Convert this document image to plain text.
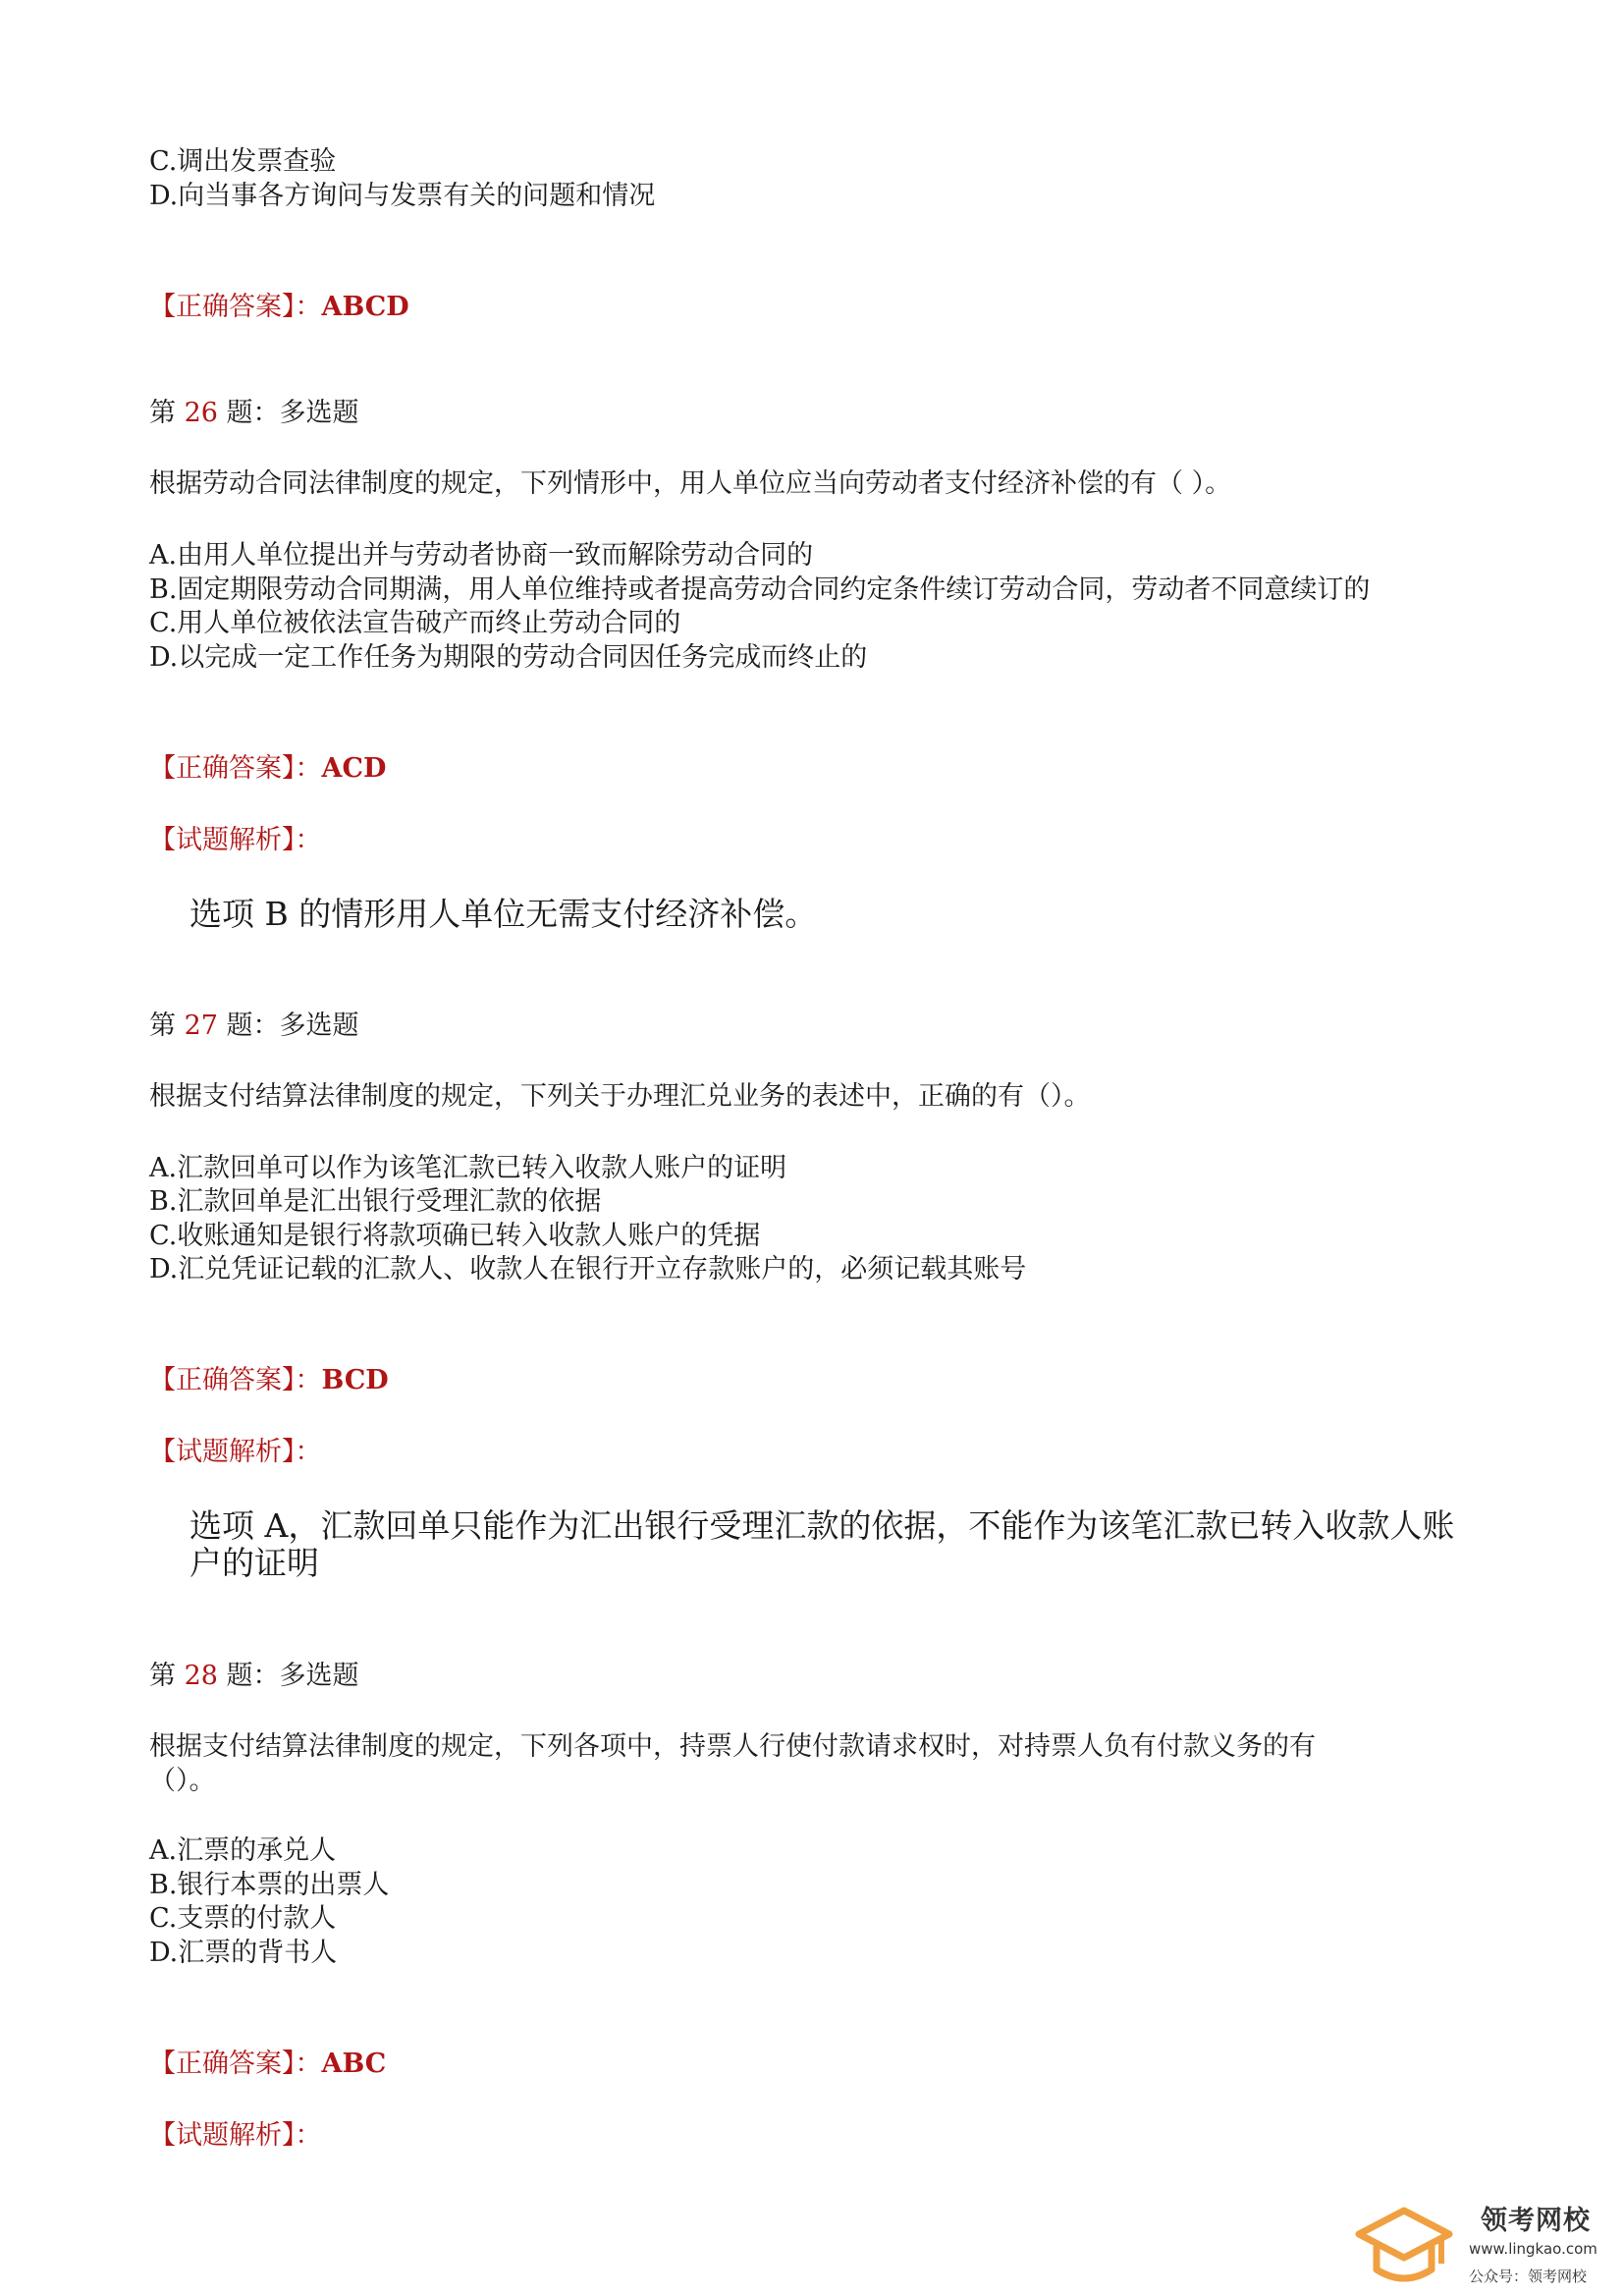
C.调出发票查验
D.向当事各方询问与发票有关的问题和情况
【正确答案】：ABCD
第 26 题：多选题
根据劳动合同法律制度的规定，下列情形中，用人单位应当向劳动者支付经济补偿的有（ ）。
A.由用人单位提出并与劳动者协商一致而解除劳动合同的
B.固定期限劳动合同期满，用人单位维持或者提高劳动合同约定条件续订劳动合同，劳动者不同意续订的
C.用人单位被依法宣告破产而终止劳动合同的
D.以完成一定工作任务为期限的劳动合同因任务完成而终止的
【正确答案】：ACD
【试题解析】：
选项 B 的情形用人单位无需支付经济补偿。
第 27 题：多选题
根据支付结算法律制度的规定，下列关于办理汇兑业务的表述中，正确的有（）。
A.汇款回单可以作为该笔汇款已转入收款人账户的证明
B.汇款回单是汇出银行受理汇款的依据
C.收账通知是银行将款项确已转入收款人账户的凭据
D.汇兑凭证记载的汇款人、收款人在银行开立存款账户的，必须记载其账号
【正确答案】：BCD
【试题解析】：
选项 A，汇款回单只能作为汇出银行受理汇款的依据，不能作为该笔汇款已转入收款人账
户的证明
第 28 题：多选题
根据支付结算法律制度的规定，下列各项中，持票人行使付款请求权时，对持票人负有付款义务的有
（）。
A.汇票的承兑人
B.银行本票的出票人
C.支票的付款人
D.汇票的背书人
【正确答案】：ABC
【试题解析】：
领考网校
www.lingkao.com
公众号：领考网校
